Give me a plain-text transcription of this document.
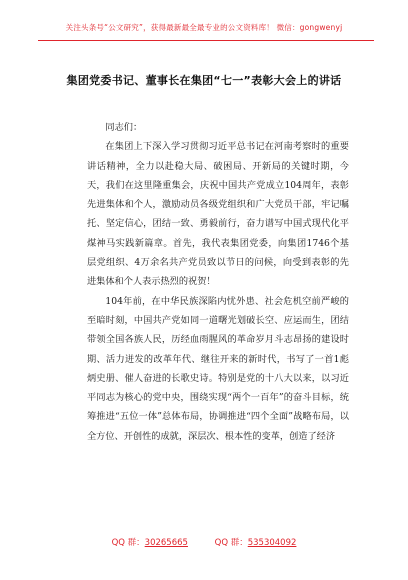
关注头条号“公文研究”，获得最新最全最专业的公文资料库！ 微信：gongwenyj
集团党委书记、董事长在集团“七一”表彰大会上的讲话

同志们：

在集团上下深入学习贯彻习近平总书记在河南考察时的重要讲话精神，全力以赴稳大局、破困局、开新局的关键时期，今天，我们在这里隆重集会，庆祝中国共产党成立104周年，表彰先进集体和个人，激励动员各级党组织和广大党员干部，牢记嘱托、坚定信心，团结一致、勇毅前行，奋力谱写中国式现代化平煤神马实践新篇章。首先，我代表集团党委，向集团1746个基层党组织、4万余名共产党员致以节日的问候，向受到表彰的先进集体和个人表示热烈的祝贺！

104年前，在中华民族深陷内忧外患、社会危机空前严峻的至暗时刻，中国共产党如同一道曙光划破长空、应运而生，团结带领全国各族人民，历经血雨腥风的革命岁月斗志昂扬的建设时期、活力迸发的改革年代、继往开来的新时代，书写了一首1彪炳史册、催人奋进的长歌史诗。特别是党的十八大以来，以习近平同志为核心的党中央，围绕实现“两个一百年”的奋斗目标，统筹推进“五位一体”总体布局，协调推进“四个全面”战略布局，以全方位、开创性的成就，深层次、根本性的变革，创造了经济

QQ 群：30265665	QQ 群：535304092
